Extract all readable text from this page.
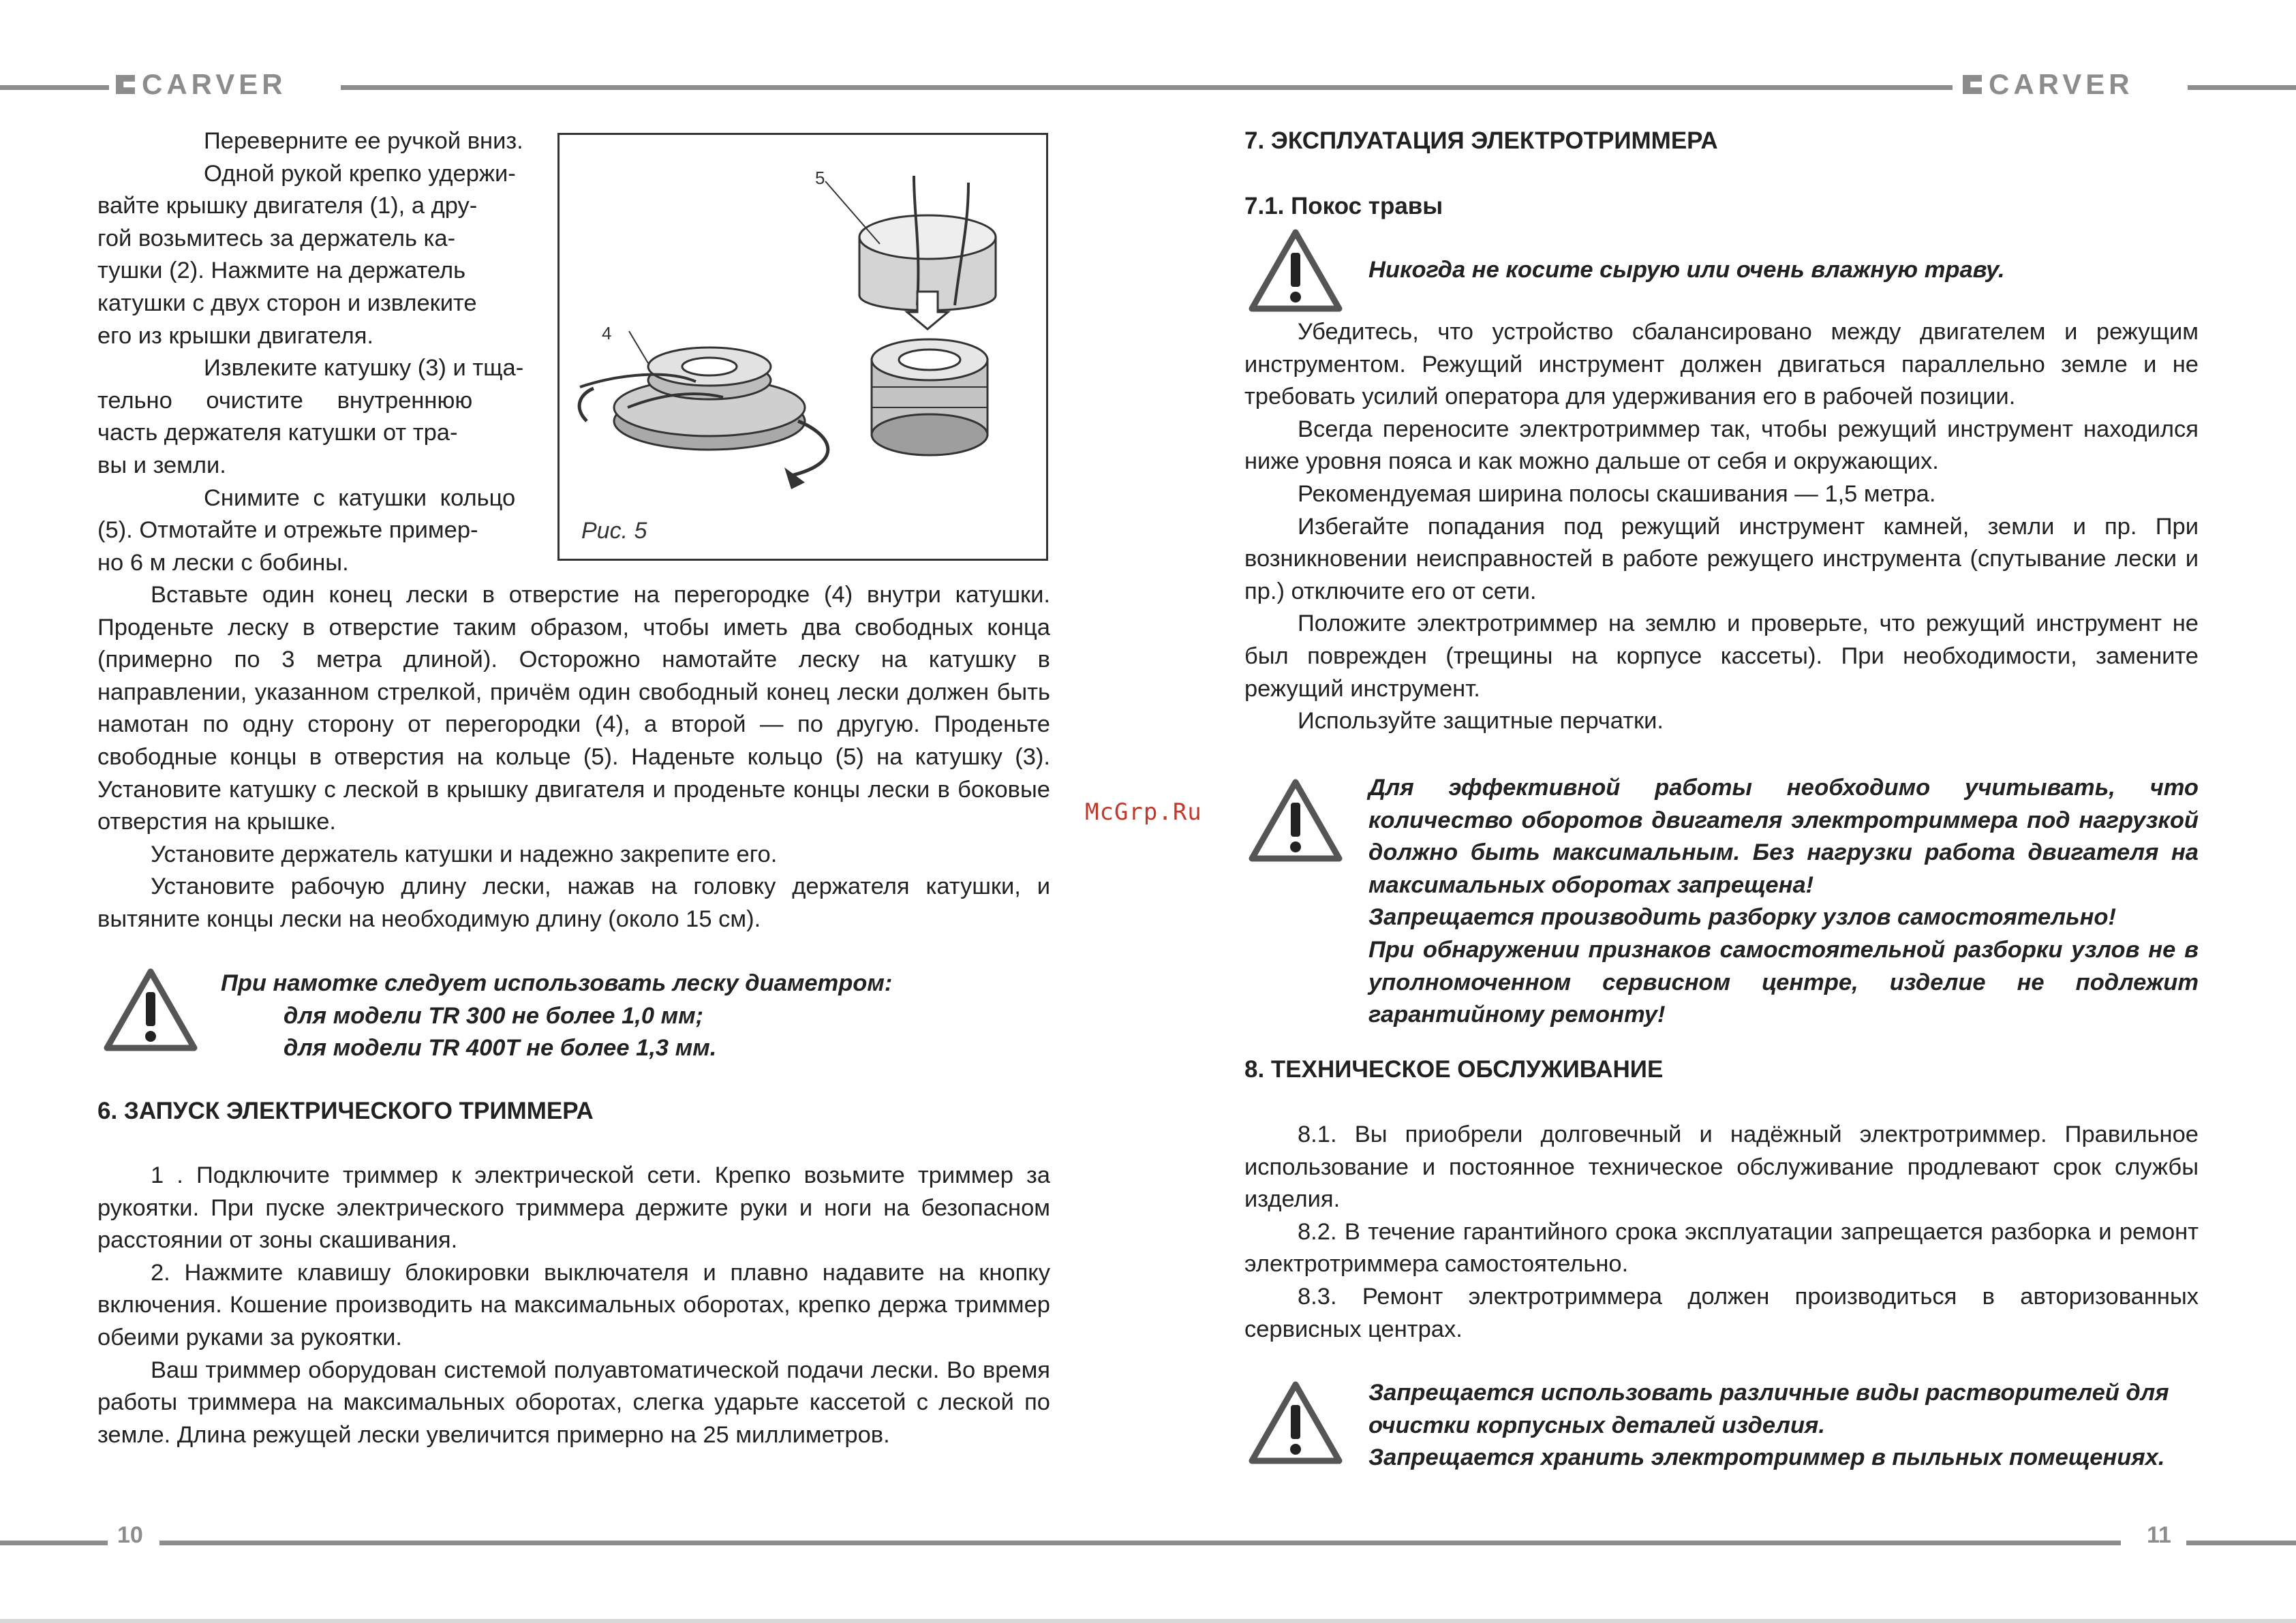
CARVER	CARVER

Переверните ее ручкой вниз.

Одной рукой крепко удержи-

вайте крышку двигателя (1), а дру-

гой возьмитесь за держатель ка-

тушки (2). Нажмите на держатель

катушки с двух сторон и извлеките

его из крышки двигателя.

Извлеките катушку (3) и тща-

тельно очистите внутреннюю

часть держателя катушки от тра-

вы и земли.

Снимите с катушки кольцо

(5). Отмотайте и отрежьте пример-

но 6 м лески с бобины.

5
4
Рис. 5

Вставьте один конец лески в отверстие на перегородке (4) внутри катушки. Проденьте леску в отверстие таким образом, чтобы иметь два свободных конца (примерно по 3 метра длиной). Осторожно намотайте леску на катушку в направлении, указанном стрелкой, причём один свободный конец лески должен быть намотан по одну сторону от перегородки (4), а второй — по другую. Проденьте свободные концы в отверстия на кольце (5). Наденьте кольцо (5) на катушку (3). Установите катушку с леской в крышку двигателя и проденьте концы лески в боковые отверстия на крышке.

Установите держатель катушки и надежно закрепите его.

Установите рабочую длину лески, нажав на головку держателя катушки, и вытяните концы лески на необходимую длину (около 15 см).

При намотке следует использовать леску диаметром:

для модели TR 300 не более 1,0 мм;

для модели TR 400T не более 1,3 мм.

6. ЗАПУСК ЭЛЕКТРИЧЕСКОГО ТРИММЕРА

1 . Подключите триммер к электрической сети. Крепко возьмите триммер за рукоятки. При пуске электрического триммера держите руки и ноги на безопасном расстоянии от зоны скашивания.

2. Нажмите клавишу блокировки выключателя и плавно надавите на кнопку включения. Кошение производить на максимальных оборотах, крепко держа триммер обеими руками за рукоятки.

Ваш триммер оборудован системой полуавтоматической подачи лески. Во время работы триммера на максимальных оборотах, слегка ударьте кассетой с леской по земле. Длина режущей лески увеличится примерно на 25 миллиметров.

McGrp.Ru
7. ЭКСПЛУАТАЦИЯ ЭЛЕКТРОТРИММЕРА
7.1. Покос травы

Никогда не косите сырую или очень влажную траву.

Убедитесь, что устройство сбалансировано между двигателем и режущим инструментом. Режущий инструмент должен двигаться параллельно земле и не требовать усилий оператора для удерживания его в рабочей позиции.

Всегда переносите электротриммер так, чтобы режущий инструмент находился ниже уровня пояса и как можно дальше от себя и окружающих.

Рекомендуемая ширина полосы скашивания — 1,5 метра.

Избегайте попадания под режущий инструмент камней, земли и пр. При возникновении неисправностей в работе режущего инструмента (спутывание лески и пр.) отключите его от сети.

Положите электротриммер на землю и проверьте, что режущий инструмент не был поврежден (трещины на корпусе кассеты). При необходимости, замените режущий инструмент.

Используйте защитные перчатки.

Для эффективной работы необходимо учитывать, что количество оборотов двигателя электротриммера под нагрузкой должно быть максимальным. Без нагрузки работа двигателя на максимальных оборотах запрещена!

Запрещается производить разборку узлов самостоятельно!

При обнаружении признаков самостоятельной разборки узлов не в уполномоченном сервисном центре, изделие не подлежит гарантийному ремонту!

8. ТЕХНИЧЕСКОЕ ОБСЛУЖИВАНИЕ

8.1. Вы приобрели долговечный и надёжный электротриммер. Правильное использование и постоянное техническое обслуживание продлевают срок службы изделия.

8.2. В течение гарантийного срока эксплуатации запрещается разборка и ремонт электротриммера самостоятельно.

8.3. Ремонт электротриммера должен производиться в авторизованных сервисных центрах.

Запрещается использовать различные виды растворителей для очистки корпусных деталей изделия.

Запрещается хранить электротриммер в пыльных помещениях.

10	11
